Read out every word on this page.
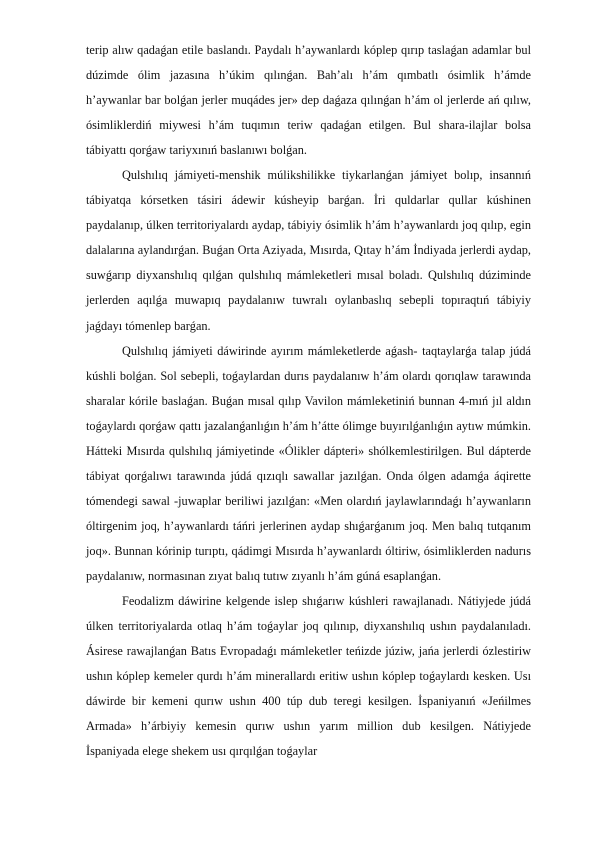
terip alıw qadaǵan etile baslandı. Paydalı h’aywanlardı kóplep qırıp taslaǵan adamlar bul dúzimde ólim jazasına h’úkim qılınǵan. Bah’alı h’ám qımbatlı ósimlik h’ámde h’aywanlar bar bolǵan jerler muqádes jer» dep daǵaza qılınǵan h’ám ol jerlerde ań qılıw, ósimliklerdiń miywesi h’ám tuqımın teriw qadaǵan etilgen. Bul shara-ilajlar bolsa tábiyattı qorǵaw tariyxınıń baslanıwı bolǵan.

Qulshılıq jámiyeti-menshik múlikshilikke tiykarlanǵan jámiyet bolıp, insannıń tábiyatqa kórsetken tásiri ádewir kúsheyip barǵan. İri quldarlar qullar kúshinen paydalanıp, úlken territoriyalardı aydap, tábiyiy ósimlik h’ám h’aywanlardı joq qılıp, egin dalalarına aylandırǵan. Buǵan Orta Aziyada, Mısırda, Qıtay h’ám İndiyada jerlerdi aydap, suwǵarıp diyxanshılıq qılǵan qulshılıq mámleketleri mısal boladı. Qulshılıq dúziminde jerlerden aqılǵa muwapıq paydalanıw tuwralı oylanbaslıq sebepli topıraqtıń tábiyiy jaǵdayı tómenlep barǵan.

Qulshılıq jámiyeti dáwirinde ayırım mámleketlerde aǵash- taqtaylarǵa talap júdá kúshli bolǵan. Sol sebepli, toǵaylardan durıs paydalanıw h’ám olardı qorıqlaw tarawında sharalar kórile baslaǵan. Buǵan mısal qılıp Vavilon mámleketiniń bunnan 4-mıń jıl aldın toǵaylardı qorǵaw qattı jazalanǵanlıǵın h’ám h’átte ólimge buyırılǵanlıǵın aytıw múmkin. Hátteki Mısırda qulshılıq jámiyetinde «Ólikler dápteri» shólkemlestirilgen. Bul dápterde tábiyat qorǵalıwı tarawında júdá qızıqlı sawallar jazılǵan. Onda ólgen adamǵa áqirette tómendegi sawal -juwaplar beriliwi jazılǵan: «Men olardıń jaylawlarındaǵı h’aywanların óltirgenim joq, h’aywanlardı táńri jerlerinen aydap shıǵarǵanım joq. Men balıq tutqanım joq». Bunnan kórinip turıptı, qádimgi Mısırda h’aywanlardı óltiriw, ósimliklerden nadurıs paydalanıw, normasınan zıyat balıq tutıw zıyanlı h’ám gúná esaplanǵan.

Feodalizm dáwirine kelgende islep shıǵarıw kúshleri rawajlanadı. Nátiyjede júdá úlken territoriyalarda otlaq h’ám toǵaylar joq qılınıp, diyxanshılıq ushın paydalanıladı. Ásirese rawajlanǵan Batıs Evropadaǵı mámleketler teńizde júziw, jańa jerlerdi ózlestiriw ushın kóplep kemeler qurdı h’ám minerallardı eritiw ushın kóplep toǵaylardı kesken. Usı dáwirde bir kemeni qurıw ushın 400 túp dub teregi kesilgen. İspaniyanıń «Jeńilmes Armada» h’árbiyiy kemesin qurıw ushın yarım million dub kesilgen. Nátiyjede İspaniyada elege shekem usı qırqılǵan toǵaylar
